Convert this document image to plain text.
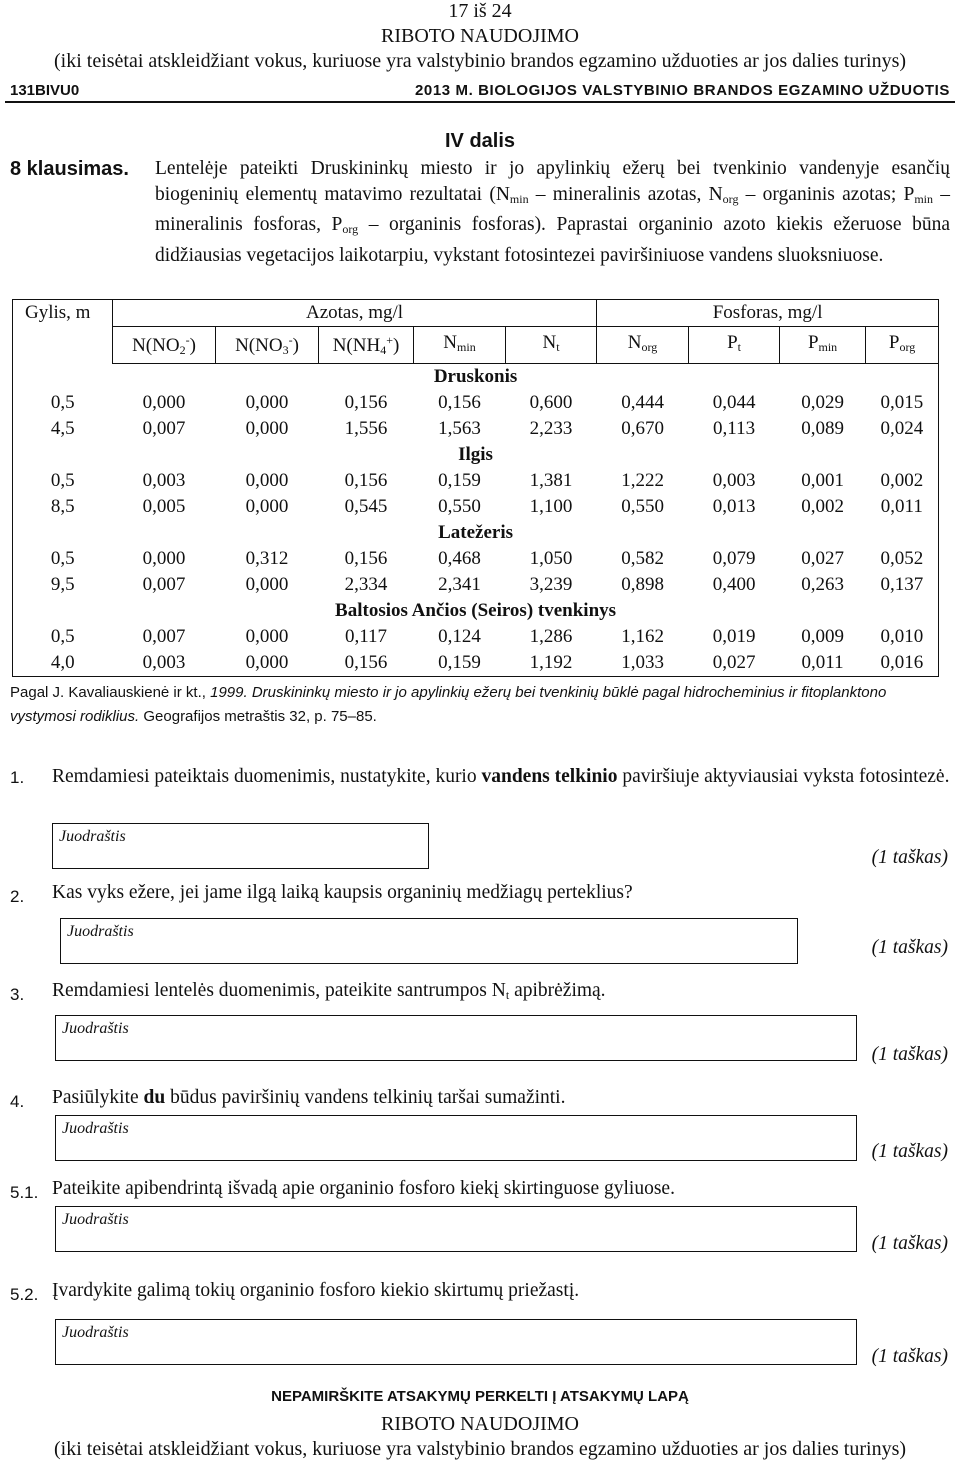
17 iš 24
RIBOTO NAUDOJIMO
(iki teisėtai atskleidžiant vokus, kuriuose yra valstybinio brandos egzamino užduoties ar jos dalies turinys)
131BIVU0	2013 M. BIOLOGIJOS VALSTYBINIO BRANDOS EGZAMINO UŽDUOTIS
IV dalis
8 klausimas. Lentelėje pateikti Druskininkų miesto ir jo apylinkių ežerų bei tvenkinio vandenyje esančių biogeninių elementų matavimo rezultatai ($N_{min}$ – mineralinis azotas, $N_{org}$ – organinis azotas; $P_{min}$ – mineralinis fosforas, $P_{org}$ – organinis fosforas). Paprastai organinio azoto kiekis ežeruose būna didžiausias vegetacijos laikotarpiu, vykstant fotosintezei paviršiniuose vandens sluoksniuose.
Gylis, m	Azotas, mg/l					Fosforas, mg/l			
	$N(NO_2^-)$	$N(NO_3^-)$	$N(NH_4^+)$	$N_{min}$	$N_t$	$N_{org}$	$P_t$	$P_{min}$	$P_{org}$
Druskonis									
0,5	0,000	0,000	0,156	0,156	0,600	0,444	0,044	0,029	0,015
4,5	0,007	0,000	1,556	1,563	2,233	0,670	0,113	0,089	0,024
Ilgis									
0,5	0,003	0,000	0,156	0,159	1,381	1,222	0,003	0,001	0,002
8,5	0,005	0,000	0,545	0,550	1,100	0,550	0,013	0,002	0,011
Latežeris									
0,5	0,000	0,312	0,156	0,468	1,050	0,582	0,079	0,027	0,052
9,5	0,007	0,000	2,334	2,341	3,239	0,898	0,400	0,263	0,137
Baltosios Ančios (Seiros) tvenkinys									
0,5	0,007	0,000	0,117	0,124	1,286	1,162	0,019	0,009	0,010
4,0	0,003	0,000	0,156	0,159	1,192	1,033	0,027	0,011	0,016
Pagal J. Kavaliauskienė ir kt., 1999. Druskininkų miesto ir jo apylinkių ežerų bei tvenkinių būklė pagal hidrocheminius ir fitoplanktono vystymosi rodiklius. Geografijos metraštis 32, p. 75–85.
1. Remdamiesi pateiktais duomenimis, nustatykite, kurio vandens telkinio paviršiuje aktyviausiai vyksta fotosintezė.
Juodraštis
(1 taškas)
2. Kas vyks ežere, jei jame ilgą laiką kaupsis organinių medžiagų perteklius?
Juodraštis
(1 taškas)
3. Remdamiesi lentelės duomenimis, pateikite santrumpos $N_t$ apibrėžimą.
Juodraštis
(1 taškas)
4. Pasiūlykite du būdus paviršinių vandens telkinių taršai sumažinti.
Juodraštis
(1 taškas)
5.1. Pateikite apibendrintą išvadą apie organinio fosforo kiekį skirtinguose gyliuose.
Juodraštis
(1 taškas)
5.2. Įvardykite galimą tokių organinio fosforo kiekio skirtumų priežastį.
Juodraštis
(1 taškas)
NEPAMIRŠKITE ATSAKYMŲ PERKELTI Į ATSAKYMŲ LAPĄ
RIBOTO NAUDOJIMO
(iki teisėtai atskleidžiant vokus, kuriuose yra valstybinio brandos egzamino užduoties ar jos dalies turinys)
